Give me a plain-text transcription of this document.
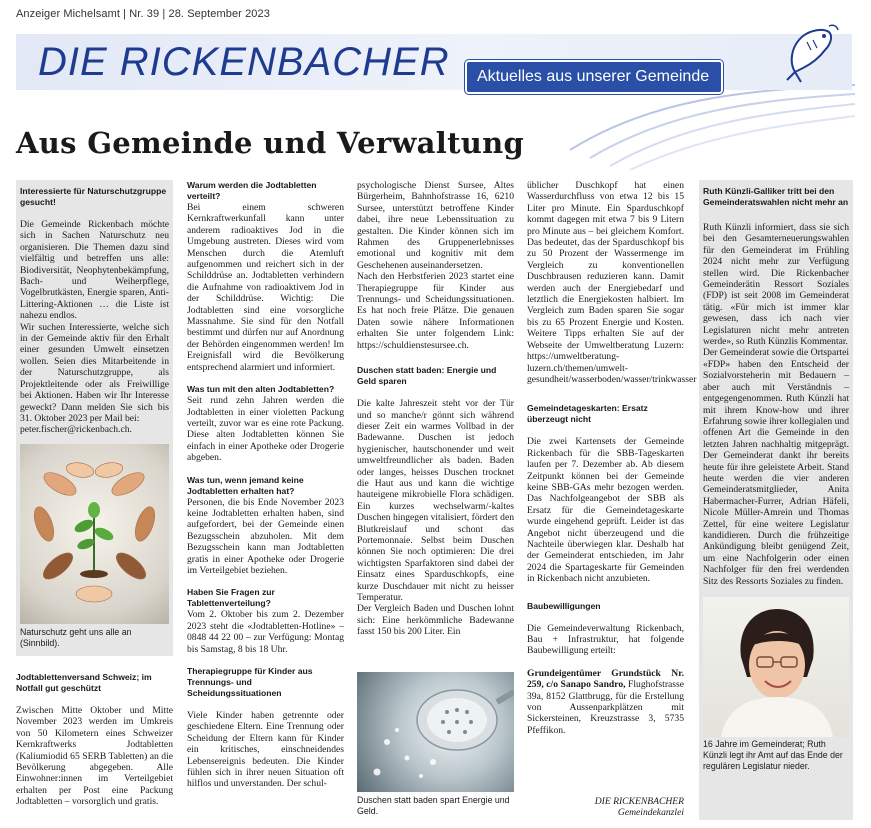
Anzeiger Michelsamt | Nr. 39 | 28. September 2023
DIE RICKENBACHER	Aktuelles aus unserer Gemeinde
Aus Gemeinde und Verwaltung
Interessierte für Naturschutzgruppe gesucht!
Die Gemeinde Rickenbach möchte sich in Sachen Naturschutz neu organisieren. Die Themen dazu sind vielfältig und betreffen uns alle: Biodiversität, Neophytenbekämpfung, Bach- und Weiherpflege, Vogelbrutkästen, Energie sparen, Anti-Littering-Aktionen … die Liste ist nahezu endlos.
Wir suchen Interessierte, welche sich in der Gemeinde aktiv für den Erhalt einer gesunden Umwelt einsetzen wollen. Seien dies Mitarbeitende in der Naturschutzgruppe, als Projektleitende oder als Freiwillige bei Aktionen. Haben wir Ihr Interesse geweckt? Dann melden Sie sich bis 31. Oktober 2023 per Mail bei:
peter.fischer@rickenbach.ch.
Naturschutz geht uns alle an (Sinnbild).
Jodtablettenversand Schweiz; im Notfall gut geschützt
Zwischen Mitte Oktober und Mitte November 2023 werden im Umkreis von 50 Kilometern eines Schweizer Kernkraftwerks Jodtabletten (Kaliumiodid 65 SERB Tabletten) an die Bevölkerung abgegeben. Alle Einwohner:innen im Verteilgebiet erhalten per Post eine Packung Jodtabletten – vorsorglich und gratis.
Warum werden die Jodtabletten verteilt?
Bei einem schweren Kernkraftwerkunfall kann unter anderem radioaktives Jod in die Umgebung austreten. Dieses wird vom Menschen durch die Atemluft aufgenommen und reichert sich in der Schilddrüse an. Jodtabletten verhindern die Aufnahme von radioaktivem Jod in der Schilddrüse. Wichtig: Die Jodtabletten sind eine vorsorgliche Massnahme. Sie sind für den Notfall bestimmt und dürfen nur auf Anordnung der Behörden eingenommen werden! Im Ereignisfall wird die Bevölkerung entsprechend alarmiert und informiert.
Was tun mit den alten Jodtabletten?
Seit rund zehn Jahren werden die Jodtabletten in einer violetten Packung verteilt, zuvor war es eine rote Packung. Diese alten Jodtabletten können Sie einfach in einer Apotheke oder Drogerie abgeben.
Was tun, wenn jemand keine Jodtabletten erhalten hat?
Personen, die bis Ende November 2023 keine Jodtabletten erhalten haben, sind aufgefordert, bei der Gemeinde einen Bezugsschein abzuholen. Mit dem Bezugsschein kann man Jodtabletten gratis in einer Apotheke oder Drogerie im Verteilgebiet beziehen.
Haben Sie Fragen zur Tablettenverteilung?
Vom 2. Oktober bis zum 2. Dezember 2023 steht die «Jodtabletten-Hotline» – 0848 44 22 00 – zur Verfügung: Montag bis Samstag, 8 bis 18 Uhr.
Therapiegruppe für Kinder aus Trennungs- und Scheidungssituationen
Viele Kinder haben getrennte oder geschiedene Eltern. Eine Trennung oder Scheidung der Eltern kann für Kinder ein kritisches, einschneidendes Lebensereignis bedeuten. Die Kinder fühlen sich in ihrer neuen Situation oft hilflos und unverstanden. Der schul-
psychologische Dienst Sursee, Altes Bürgerheim, Bahnhofstrasse 16, 6210 Sursee, unterstützt betroffene Kinder dabei, ihre neue Lebenssituation zu gestalten. Die Kinder können sich im Rahmen des Gruppenerlebnisses emotional und kognitiv mit dem Geschehenen auseinandersetzen.
Nach den Herbstferien 2023 startet eine Therapiegruppe für Kinder aus Trennungs- und Scheidungssituationen. Es hat noch freie Plätze. Die genauen Daten sowie nähere Informationen erhalten Sie unter folgendem Link: https://schuldienstesursee.ch.
Duschen statt baden: Energie und Geld sparen
Die kalte Jahreszeit steht vor der Tür und so manche/r gönnt sich während dieser Zeit ein warmes Vollbad in der Badewanne. Duschen ist jedoch hygienischer, hautschonender und weit umweltfreundlicher als baden. Baden oder langes, heisses Duschen trocknet die Haut aus und kann die wichtige hauteigene mikrobielle Flora schädigen. Ein kurzes wechselwarm/-kaltes Duschen hingegen vitalisiert, fördert den Blutkreislauf und schont das Portemonnaie. Selbst beim Duschen können Sie noch optimieren: Die drei wichtigsten Sparfaktoren sind dabei der Einsatz eines Sparduschkopfs, eine kurze Duschdauer mit nicht zu heisser Temperatur.
Der Vergleich Baden und Duschen lohnt sich: Eine herkömmliche Badewanne fasst 150 bis 200 Liter. Ein
Duschen statt baden spart Energie und Geld.
üblicher Duschkopf hat einen Wasserdurchfluss von etwa 12 bis 15 Liter pro Minute. Ein Sparduschkopf kommt dagegen mit etwa 7 bis 9 Litern pro Minute aus – bei gleichem Komfort. Das bedeutet, das der Sparduschkopf bis zu 50 Prozent der Wassermenge im Vergleich zu konventionellen Duschbrausen reduzieren kann. Damit werden auch der Energiebedarf und letztlich die Energiekosten halbiert. Im Vergleich zum Baden sparen Sie sogar bis zu 65 Prozent Energie und Kosten. Weitere Tipps erhalten Sie auf der Webseite der Umweltberatung Luzern: https://umweltberatung-luzern.ch/themen/umwelt-gesundheit/wasserboden/wasser/trinkwasser
Gemeindetageskarten: Ersatz überzeugt nicht
Die zwei Kartensets der Gemeinde Rickenbach für die SBB-Tageskarten laufen per 7. Dezember ab. Ab diesem Zeitpunkt können bei der Gemeinde keine SBB-GAs mehr bezogen werden. Das Nachfolgeangebot der SBB als Ersatz für die Gemeindetageskarte wurde eingehend geprüft. Leider ist das Angebot nicht überzeugend und die Nachteile überwiegen klar. Deshalb hat der Gemeinderat entschieden, im Jahr 2024 die Spartageskarte für Gemeinden in Rickenbach nicht anzubieten.
Baubewilligungen
Die Gemeindeverwaltung Rickenbach, Bau + Infrastruktur, hat folgende Baubewilligung erteilt:
Grundeigentümer Grundstück Nr. 259, c/o Sanapo Sandro, Flughofstrasse 39a, 8152 Glattbrugg, für die Erstellung von Aussenparkplätzen mit Sickersteinen, Kreuzstrasse 3, 5735 Pfeffikon.
DIE RICKENBACHER
Gemeindekanzlei
Ruth Künzli-Galliker tritt bei den Gemeinderatswahlen nicht mehr an
Ruth Künzli informiert, dass sie sich bei den Gesamterneuerungswahlen für den Gemeinderat im Frühling 2024 nicht mehr zur Verfügung stellen wird. Die Rickenbacher Gemeinderätin Ressort Soziales (FDP) ist seit 2008 im Gemeinderat tätig. «Für mich ist immer klar gewesen, dass ich nach vier Legislaturen nicht mehr antreten werde», so Ruth Künzlis Kommentar.
Der Gemeinderat sowie die Ortspartei «FDP» haben den Entscheid der Sozialvorsteherin mit Bedauern – aber auch mit Verständnis – entgegengenommen. Ruth Künzli hat mit ihrem Know-how und ihrer Erfahrung sowie ihrer kollegialen und offenen Art die Gemeinde in den letzten Jahren nachhaltig mitgeprägt. Der Gemeinderat dankt ihr bereits heute für ihre geleistete Arbeit. Stand heute werden die vier anderen Gemeinderatsmitglieder, Anita Habermacher-Furrer, Adrian Häfeli, Nicole Müller-Amrein und Thomas Zettel, für eine weitere Legislatur kandidieren. Durch die frühzeitige Ankündigung bleibt genügend Zeit, um eine Nachfolgerin oder einen Nachfolger für den frei werdenden Sitz des Ressorts Soziales zu finden.
16 Jahre im Gemeinderat; Ruth Künzli legt ihr Amt auf das Ende der regulären Legislatur nieder.
